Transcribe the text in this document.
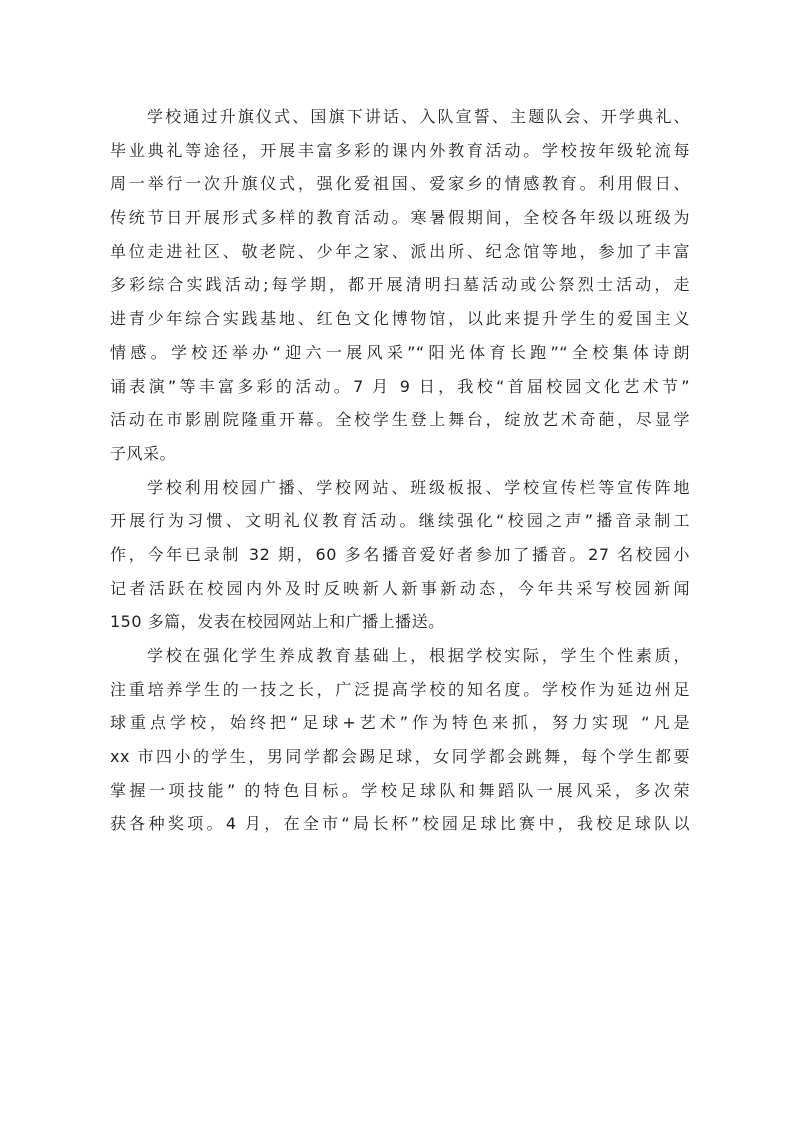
学校通过升旗仪式、国旗下讲话、入队宣誓、主题队会、开学典礼、
毕业典礼等途径，开展丰富多彩的课内外教育活动。学校按年级轮流每
周一举行一次升旗仪式，强化爱祖国、爱家乡的情感教育。利用假日、
传统节日开展形式多样的教育活动。寒暑假期间，全校各年级以班级为
单位走进社区、敬老院、少年之家、派出所、纪念馆等地，参加了丰富
多彩综合实践活动;每学期，都开展清明扫墓活动或公祭烈士活动，走
进青少年综合实践基地、红色文化博物馆，以此来提升学生的爱国主义
情感。学校还举办“迎六一展风采”“阳光体育长跑”“全校集体诗朗
诵表演”等丰富多彩的活动。7 月 9 日，我校“首届校园文化艺术节”
活动在市影剧院隆重开幕。全校学生登上舞台，绽放艺术奇葩，尽显学
子风采。
学校利用校园广播、学校网站、班级板报、学校宣传栏等宣传阵地
开展行为习惯、文明礼仪教育活动。继续强化“校园之声”播音录制工
作，今年已录制 32 期，60 多名播音爱好者参加了播音。27 名校园小
记者活跃在校园内外及时反映新人新事新动态，今年共采写校园新闻
150 多篇，发表在校园网站上和广播上播送。
学校在强化学生养成教育基础上，根据学校实际，学生个性素质，
注重培养学生的一技之长，广泛提高学校的知名度。学校作为延边州足
球重点学校，始终把“足球+艺术”作为特色来抓，努力实现 “凡是
xx 市四小的学生，男同学都会踢足球，女同学都会跳舞，每个学生都要
掌握一项技能” 的特色目标。学校足球队和舞蹈队一展风采，多次荣
获各种奖项。4 月，在全市“局长杯”校园足球比赛中，我校足球队以
